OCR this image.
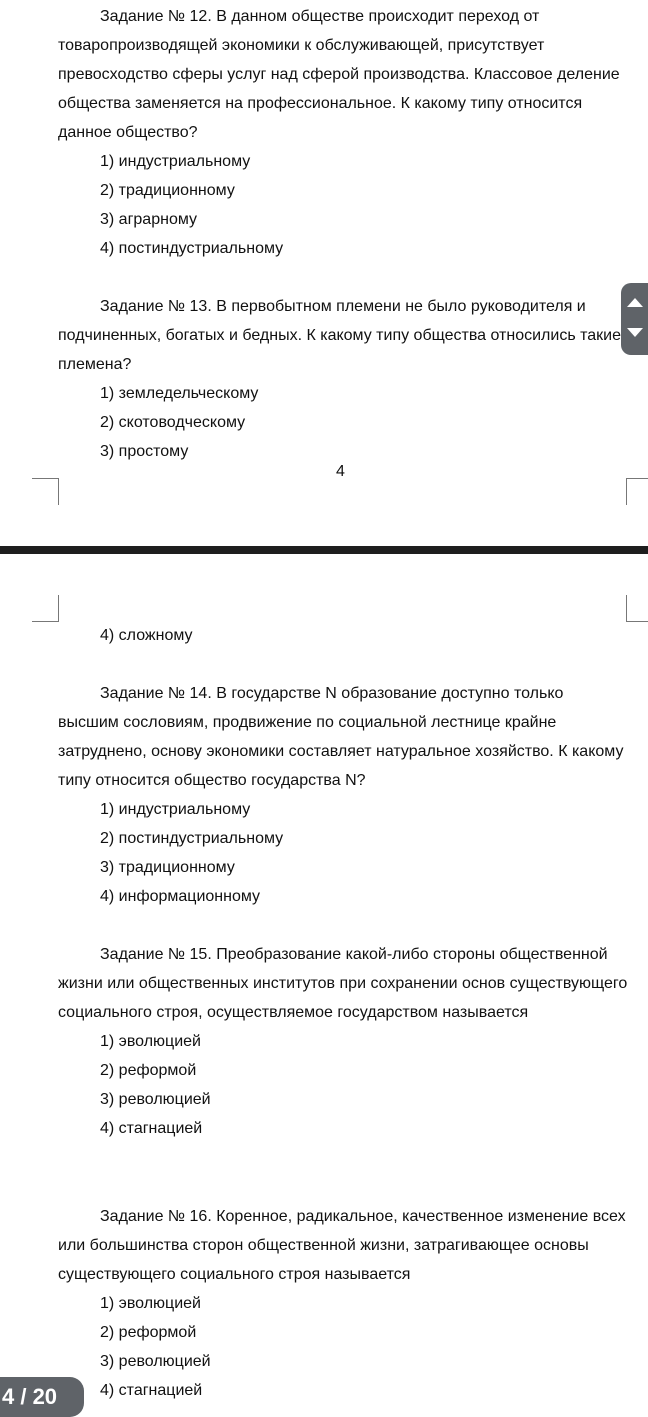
Задание № 12. В данном обществе происходит переход от товаропроизводящей экономики к обслуживающей, присутствует превосходство сферы услуг над сферой производства. Классовое деление общества заменяется на профессиональное. К какому типу относится данное общество?

1) индустриальному
2) традиционному
3) аграрному
4) постиндустриальному

Задание № 13. В первобытном племени не было руководителя и подчиненных, богатых и бедных. К какому типу общества относились такие племена?

1) земледельческому
2) скотоводческому
3) простому
4
4) сложному

Задание № 14. В государстве N образование доступно только высшим сословиям, продвижение по социальной лестнице крайне затруднено, основу экономики составляет натуральное хозяйство. К какому типу относится общество государства N?

1) индустриальному
2) постиндустриальному
3) традиционному
4) информационному

Задание № 15. Преобразование какой-либо стороны общественной жизни или общественных институтов при сохранении основ существующего социального строя, осуществляемое государством называется

1) эволюцией
2) реформой
3) революцией
4) стагнацией

Задание № 16. Коренное, радикальное, качественное изменение всех или большинства сторон общественной жизни, затрагивающее основы существующего социального строя называется

1) эволюцией
2) реформой
3) революцией
4) стагнацией
4 / 20
